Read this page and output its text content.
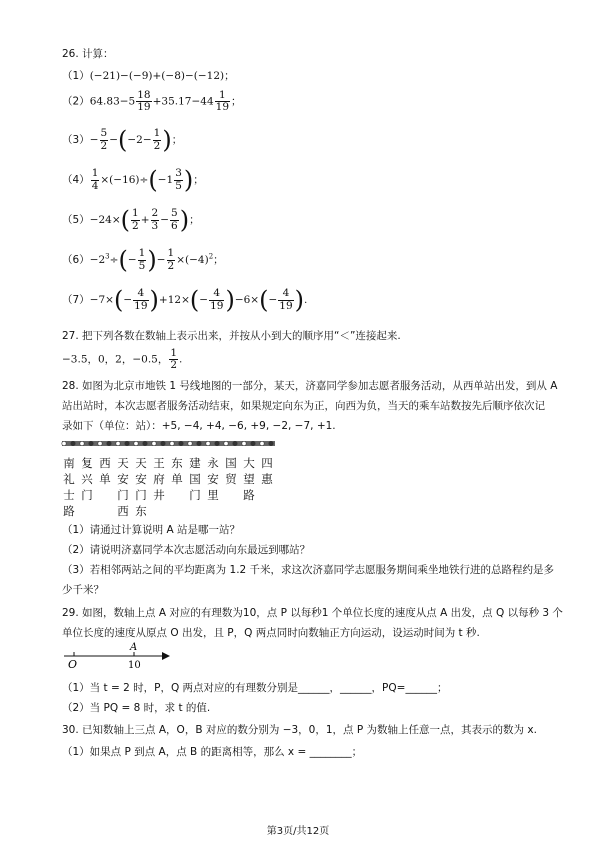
26. 计算：
（1）(−21)−(−9)+(−8)−(−12)；
$(2)64.83-5 \frac{18}{19} +35.17-44 \frac{1}{19}$ ；
$(3)- \frac{5}{2} -(-2- \frac{1}{2}$ )；
$(4) \frac{1}{4} \times(-16)\div(-1 \frac{3}{5}$ )；
$(5)-24\times( \frac{1}{2} + \frac{2}{3} - \frac{5}{6}$ )；
$(6)-2^3\div(- \frac{1}{5}$ )− $\frac{1}{2} \times(-4)^2$；
$(7)-7\times(- \frac{4}{19} )+12\times(- \frac{4}{19} )-6\times(- \frac{4}{19}$ ).
27. 把下列各数在数轴上表示出来，并按从小到大的顺序用“＜”连接起来.
−3.5，0，2，−0.5， $\frac{1}{2}$ .
28. 如图为北京市地铁 1 号线地图的一部分，某天，济嘉同学参加志愿者服务活动，从西单站出发，到从 A
站出站时，本次志愿者服务活动结束，如果规定向东为正，向西为负，当天的乘车站数按先后顺序依次记
录如下（单位：站）：+5, −4, +4, −6, +9, −2, −7, +1.
南礼士路
复兴门
西单
天安门西
天安门东
王府井
东单
建国门
永安里
国贸
大望路
四惠
（1）请通过计算说明 A 站是哪一站？
（2）请说明济嘉同学本次志愿活动向东最远到哪站？
（3）若相邻两站之间的平均距离为 1.2 千米，求这次济嘉同学志愿服务期间乘坐地铁行进的总路程约是多
少千米？
29. 如图，数轴上点 A 对应的有理数为10，点 P 以每秒1 个单位长度的速度从点 A 出发，点 Q 以每秒 3 个
单位长度的速度从原点 O 出发，且 P，Q 两点同时向数轴正方向运动，设运动时间为 t 秒.
A
O	10
（1）当 t = 2 时，P，Q 两点对应的有理数分别是______，______，PQ=______；
（2）当 PQ = 8 时，求 t 的值.
30. 已知数轴上三点 A，O，B 对应的数分别为 −3，0，1，点 P 为数轴上任意一点，其表示的数为 x.
（1）如果点 P 到点 A，点 B 的距离相等，那么 x = ________；
第3页/共12页
